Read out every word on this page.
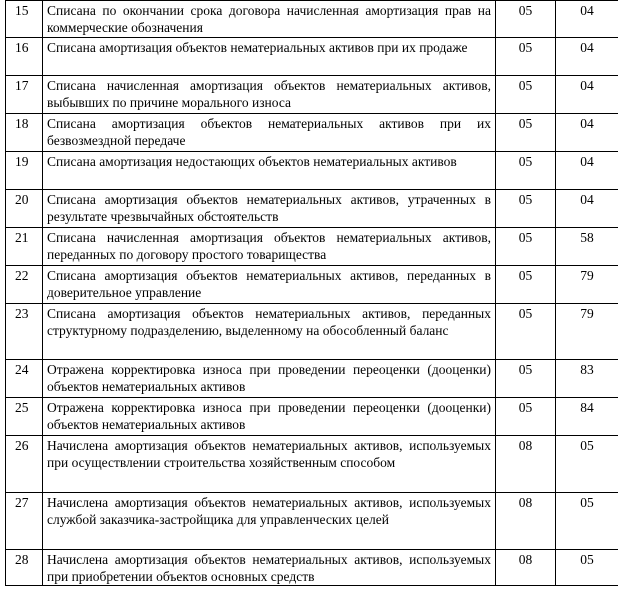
15	Списана по окончании срока договора начисленная амортизация прав на коммерческие обозначения	05	04
16	Списана амортизация объектов нематериальных активов при их продаже	05	04
17	Списана начисленная амортизация объектов нематериальных активов, выбывших по причине морального износа	05	04
18	Списана амортизация объектов нематериальных активов при их безвозмездной передаче	05	04
19	Списана амортизация недостающих объектов нематериальных активов	05	04
20	Списана амортизация объектов нематериальных активов, утраченных в результате чрезвычайных обстоятельств	05	04
21	Списана начисленная амортизация объектов нематериальных активов, переданных по договору простого товарищества	05	58
22	Списана амортизация объектов нематериальных активов, переданных в доверительное управление	05	79
23	Списана амортизация объектов нематериальных активов, переданных структурному подразделению, выделенному на обособленный баланс	05	79
24	Отражена корректировка износа при проведении переоценки (дооценки) объектов нематериальных активов	05	83
25	Отражена корректировка износа при проведении переоценки (дооценки) объектов нематериальных активов	05	84
26	Начислена амортизация объектов нематериальных активов, используемых при осуществлении строительства хозяйственным способом	08	05
27	Начислена амортизация объектов нематериальных активов, используемых службой заказчика-застройщика для управленческих целей	08	05
28	Начислена амортизация объектов нематериальных активов, используемых при приобретении объектов основных средств	08	05
